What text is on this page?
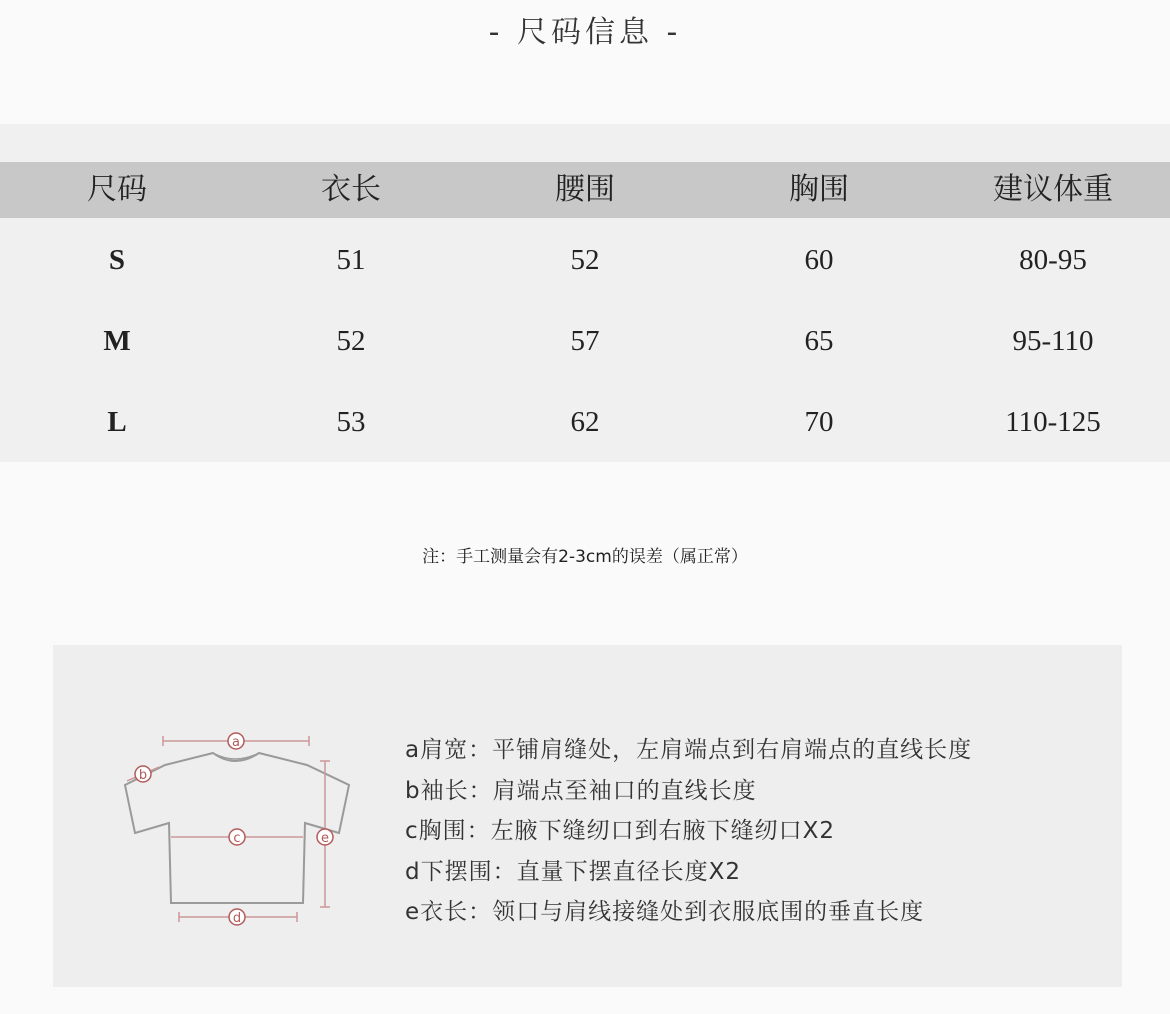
- 尺码信息 -
尺码	衣长	腰围	胸围	建议体重
S	51	52	60	80-95
M	52	57	65	95-110
L	53	62	70	110-125
注：手工测量会有2-3cm的误差（属正常）
a
b
c
d
e
a肩宽：平铺肩缝处，左肩端点到右肩端点的直线长度
b袖长：肩端点至袖口的直线长度
c胸围：左腋下缝纫口到右腋下缝纫口X2
d下摆围：直量下摆直径长度X2
e衣长：领口与肩线接缝处到衣服底围的垂直长度
